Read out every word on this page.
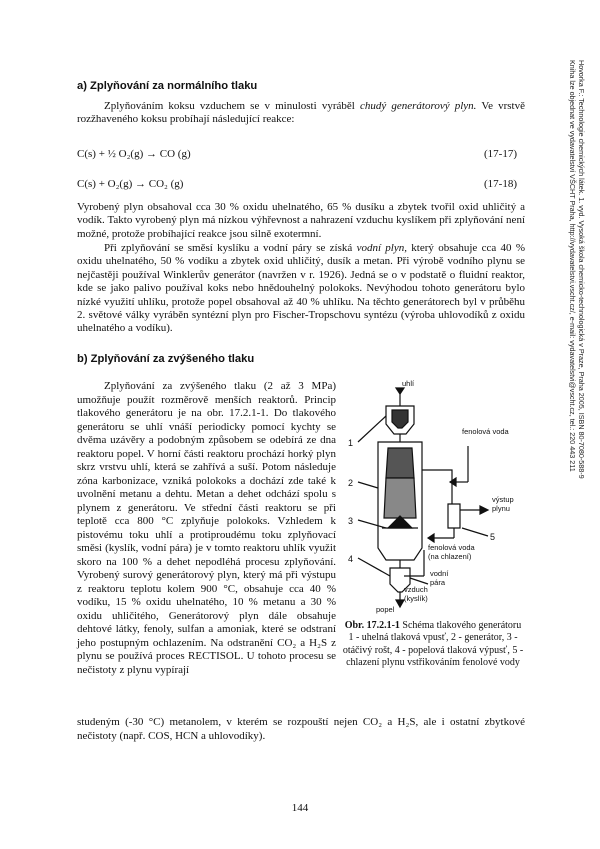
a) Zplyňování za normálního tlaku

Zplyňováním koksu vzduchem se v minulosti vyráběl chudý generátorový plyn. Ve vrstvě rozžhaveného koksu probíhají následující reakce:

C(s) + ½ O₂(g) → CO (g)	(17-17)
C(s) + O₂(g) → CO₂ (g)	(17-18)

Vyrobený plyn obsahoval cca 30 % oxidu uhelnatého, 65 % dusíku a zbytek tvořil oxid uhličitý a vodík. Takto vyrobený plyn má nízkou výhřevnost a nahrazení vzduchu kyslíkem při zplyňování není možné, protože probíhající reakce jsou silně exotermní.

Při zplyňování se směsí kyslíku a vodní páry se získá vodní plyn, který obsahuje cca 40 % oxidu uhelnatého, 50 % vodíku a zbytek oxid uhličitý, dusík a metan. Při výrobě vodního plynu se nejčastěji používal Winklerův generátor (navržen v r. 1926). Jedná se o v podstatě o fluidní reaktor, kde se jako palivo používal koks nebo hnědouhelný polokoks. Nevýhodou tohoto generátoru bylo nízké využití uhlíku, protože popel obsahoval až 40 % uhlíku. Na těchto generátorech byl v průběhu 2. světové války vyráběn syntézní plyn pro Fischer-Tropschovu syntézu (výroba uhlovodíků z oxidu uhelnatého a vodíku).

b) Zplyňování za zvýšeného tlaku

Zplyňování za zvýšeného tlaku (2 až 3 MPa) umožňuje použít rozměrově menších reaktorů. Princip tlakového generátoru je na obr. 17.2.1-1. Do tlakového generátoru se uhlí vnáší periodicky pomocí kychty se dvěma uzávěry a podobným způsobem se odebírá ze dna reaktoru popel. V horní části reaktoru prochází horký plyn skrz vrstvu uhlí, která se zahřívá a suší. Potom následuje zóna karbonizace, vzniká polokoks a dochází zde také k uvolnění metanu a dehtu. Metan a dehet odchází spolu s plynem z generátoru. Ve střední části reaktoru se při teplotě cca 800 °C zplyňuje polokoks. Vzhledem k pistovému toku uhlí a protiproudému toku zplyňovací směsi (kyslík, vodní pára) je v tomto reaktoru uhlík využit skoro na 100 % a dehet nepodléhá procesu zplyňování. Vyrobený surový generátorový plyn, který má při výstupu z reaktoru teplotu kolem 900 °C, obsahuje cca 40 % vodíku, 15 % oxidu uhelnatého, 10 % metanu a 30 % oxidu uhličitého, Generátorový plyn dále obsahuje dehtové látky, fenoly, sulfan a amoniak, které se odstraní jeho postupným ochlazením. Na odstranění CO₂ a H₂S z plynu se používá proces RECTISOL. U tohoto procesu se nečistoty z plynu vypírají

studeným (-30 °C) metanolem, v kterém se rozpouští nejen CO₂ a H₂S, ale i ostatní zbytkové nečistoty (např. COS, HCN a uhlovodíky).

uhlí
fenolová voda
výstup
plynu
fenolová voda
(na chlazení)
vodní
pára
vzduch
(kyslík)
popel
1
2
3
4
5
Obr. 17.2.1-1 Schéma tlakového generátoru
1 - uhelná tlaková vpusť, 2 - generátor, 3 - otáčivý rošt, 4 - popelová tlaková výpusť, 5 - chlazení plynu vstřikováním fenolové vody
144
Hovorka F.: Technologie chemických látek. 1. vyd. Vysoká škola chemicko-technologická v Praze, Praha 2005, ISBN 80-7080-588-9
Kniha lze objednat ve vydavatelství VŠCHT Praha, http://vydavatelstvi.vscht.cz/, e-mail: vydavatelstvi@vscht.cz, tel.: 220 443 211
